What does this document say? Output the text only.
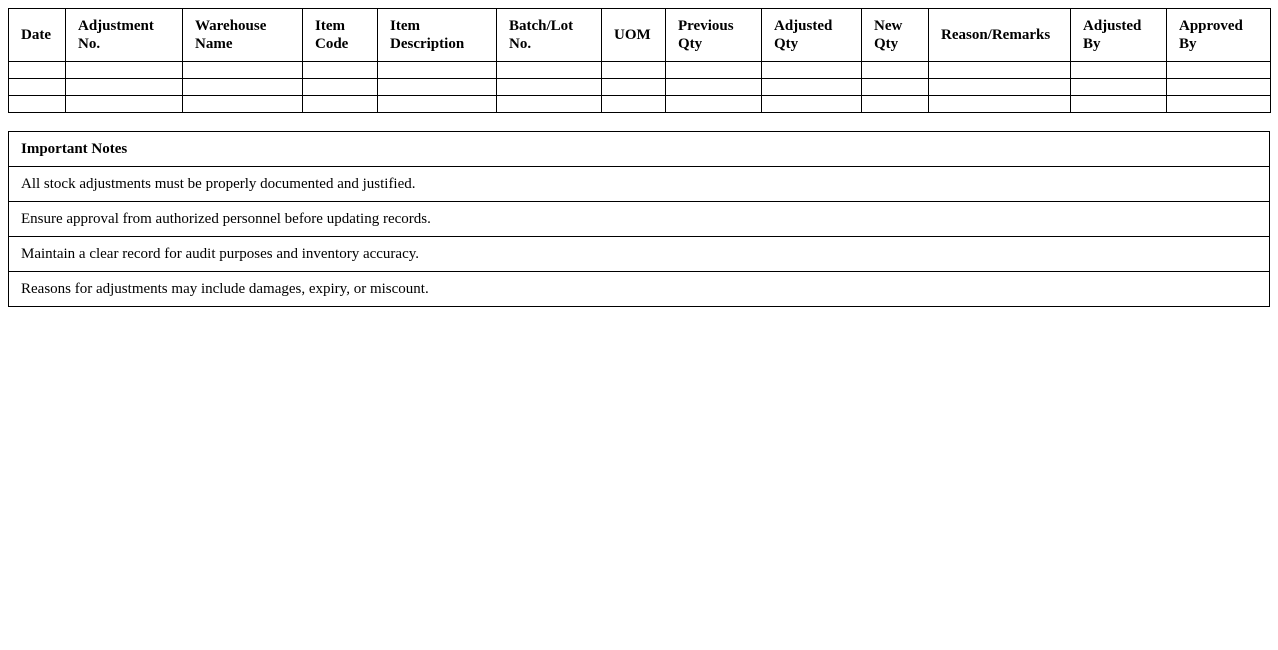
Date	Adjustment No.	Warehouse Name	Item Code	Item Description	Batch/Lot No.	UOM	Previous Qty	Adjusted Qty	New Qty	Reason/Remarks	Adjusted By	Approved By

Important Notes
All stock adjustments must be properly documented and justified.
Ensure approval from authorized personnel before updating records.
Maintain a clear record for audit purposes and inventory accuracy.
Reasons for adjustments may include damages, expiry, or miscount.
